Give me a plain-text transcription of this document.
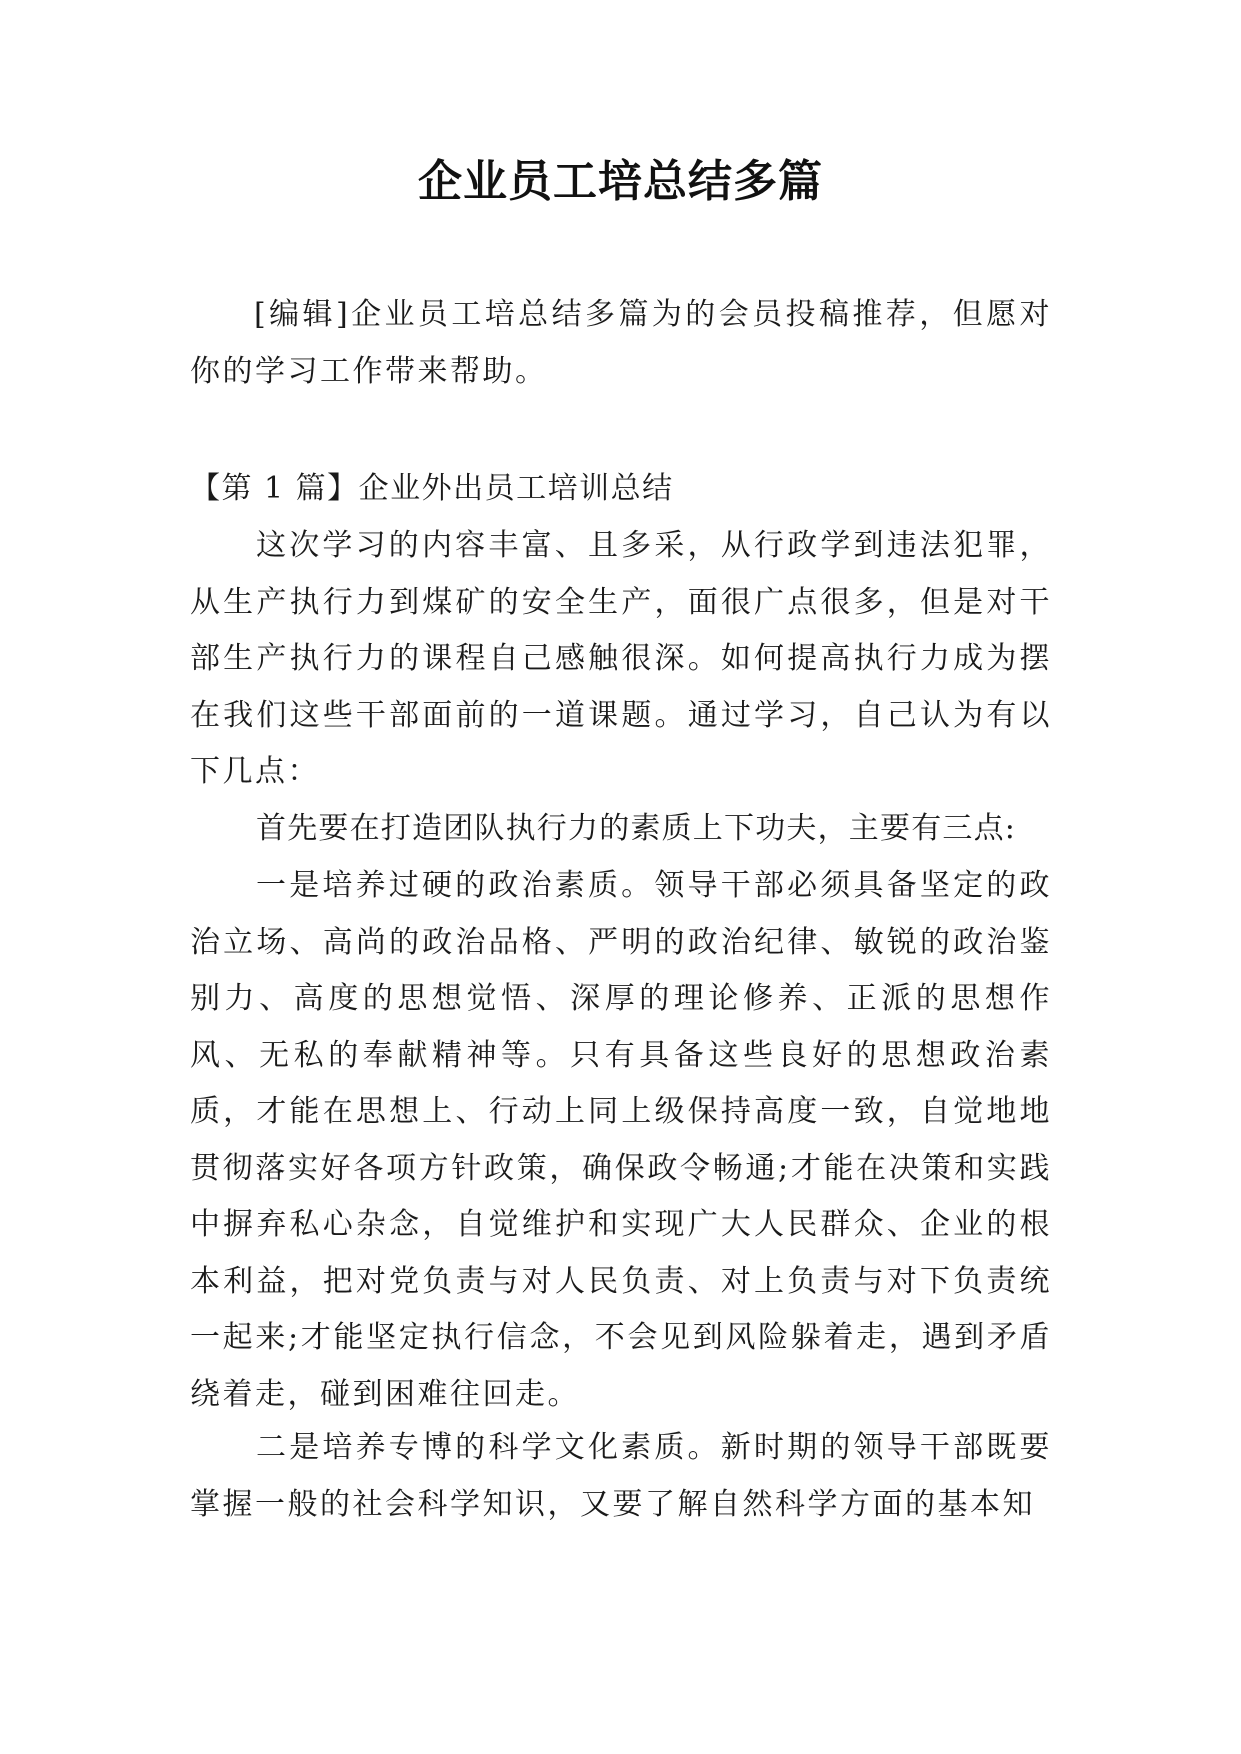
企业员工培总结多篇

[编辑]企业员工培总结多篇为的会员投稿推荐，但愿对你的学习工作带来帮助。

【第 1 篇】企业外出员工培训总结

这次学习的内容丰富、且多采，从行政学到违法犯罪，从生产执行力到煤矿的安全生产，面很广点很多，但是对干部生产执行力的课程自己感触很深。如何提高执行力成为摆在我们这些干部面前的一道课题。通过学习，自己认为有以下几点：

首先要在打造团队执行力的素质上下功夫，主要有三点:

一是培养过硬的政治素质。领导干部必须具备坚定的政治立场、高尚的政治品格、严明的政治纪律、敏锐的政治鉴别力、高度的思想觉悟、深厚的理论修养、正派的思想作风、无私的奉献精神等。只有具备这些良好的思想政治素质，才能在思想上、行动上同上级保持高度一致，自觉地地贯彻落实好各项方针政策，确保政令畅通;才能在决策和实践中摒弃私心杂念，自觉维护和实现广大人民群众、企业的根本利益，把对党负责与对人民负责、对上负责与对下负责统一起来;才能坚定执行信念，不会见到风险躲着走，遇到矛盾绕着走，碰到困难往回走。

二是培养专博的科学文化素质。新时期的领导干部既要掌握一般的社会科学知识，又要了解自然科学方面的基本知
